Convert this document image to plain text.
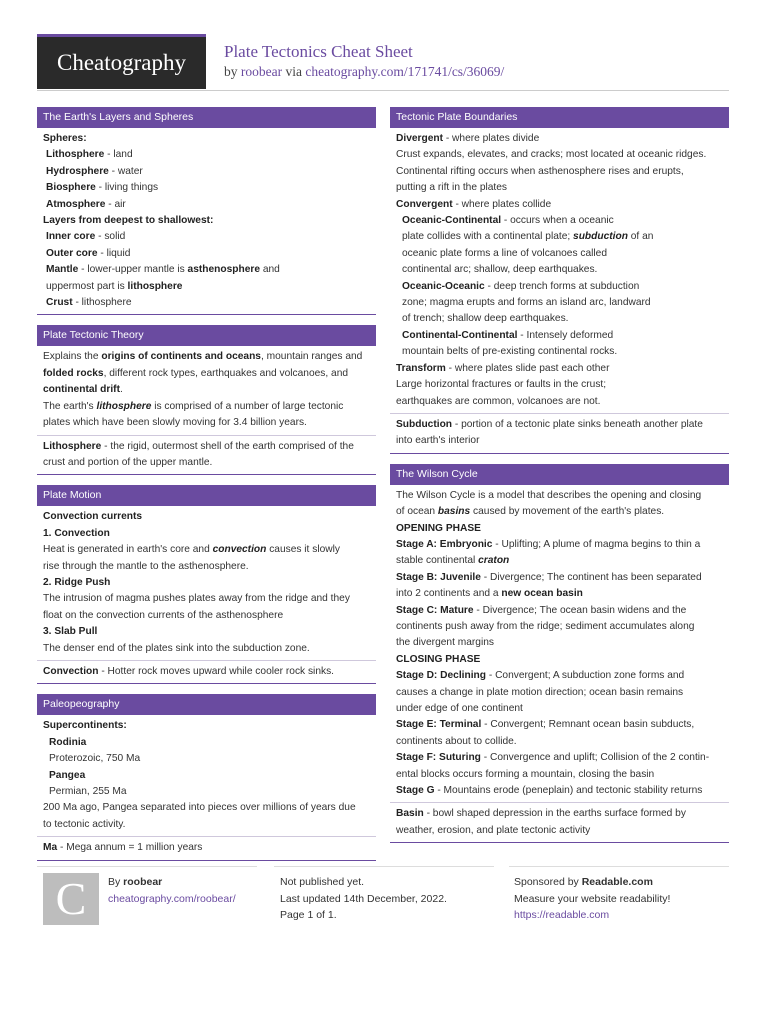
Cheatography	Plate Tectonics Cheat Sheet
by roobear via cheatography.com/171741/cs/36069/
The Earth's Layers and Spheres
Spheres:
Lithosphere - land
Hydrosphere - water
Biosphere - living things
Atmosphere - air
Layers from deepest to shallowest:
Inner core - solid
Outer core - liquid
Mantle - lower-upper mantle is asthenosphere and
uppermost part is lithosphere
Crust - lithosphere
Plate Tectonic Theory
Explains the origins of continents and oceans, mountain ranges and
folded rocks, different rock types, earthquakes and volcanoes, and
continental drift.
The earth's lithosphere is comprised of a number of large tectonic
plates which have been slowly moving for 3.4 billion years.
Lithosphere - the rigid, outermost shell of the earth comprised of the
crust and portion of the upper mantle.
Plate Motion
Convection currents
1. Convection
Heat is generated in earth's core and convection causes it slowly
rise through the mantle to the asthenosphere.
2. Ridge Push
The intrusion of magma pushes plates away from the ridge and they
float on the convection currents of the asthenosphere
3. Slab Pull
The denser end of the plates sink into the subduction zone.
Convection - Hotter rock moves upward while cooler rock sinks.
Paleopeography
Supercontinents:
Rodinia
Proterozoic, 750 Ma
Pangea
Permian, 255 Ma
200 Ma ago, Pangea separated into pieces over millions of years due
to tectonic activity.
Ma - Mega annum = 1 million years
Tectonic Plate Boundaries
Divergent - where plates divide
Crust expands, elevates, and cracks; most located at oceanic ridges.
Continental rifting occurs when asthenosphere rises and erupts,
putting a rift in the plates
Convergent - where plates collide
Oceanic-Continental - occurs when a oceanic
plate collides with a continental plate; subduction of an
oceanic plate forms a line of volcanoes called
continental arc; shallow, deep earthquakes.
Oceanic-Oceanic - deep trench forms at subduction
zone; magma erupts and forms an island arc, landward
of trench; shallow deep earthquakes.
Continental-Continental - Intensely deformed
mountain belts of pre-existing continental rocks.
Transform - where plates slide past each other
Large horizontal fractures or faults in the crust;
earthquakes are common, volcanoes are not.
Subduction - portion of a tectonic plate sinks beneath another plate
into earth's interior
The Wilson Cycle
The Wilson Cycle is a model that describes the opening and closing
of ocean basins caused by movement of the earth's plates.
OPENING PHASE
Stage A: Embryonic - Uplifting; A plume of magma begins to thin a
stable continental craton
Stage B: Juvenile - Divergence; The continent has been separated
into 2 continents and a new ocean basin
Stage C: Mature - Divergence; The ocean basin widens and the
continents push away from the ridge; sediment accumulates along
the divergent margins
CLOSING PHASE
Stage D: Declining - Convergent; A subduction zone forms and
causes a change in plate motion direction; ocean basin remains
under edge of one continent
Stage E: Terminal - Convergent; Remnant ocean basin subducts,
continents about to collide.
Stage F: Suturing - Convergence and uplift; Collision of the 2 contin-
ental blocks occurs forming a mountain, closing the basin
Stage G - Mountains erode (peneplain) and tectonic stability returns
Basin - bowl shaped depression in the earths surface formed by
weather, erosion, and plate tectonic activity
C	By roobear
cheatography.com/roobear/
Not published yet.
Last updated 14th December, 2022.
Page 1 of 1.
Sponsored by Readable.com
Measure your website readability!
https://readable.com
